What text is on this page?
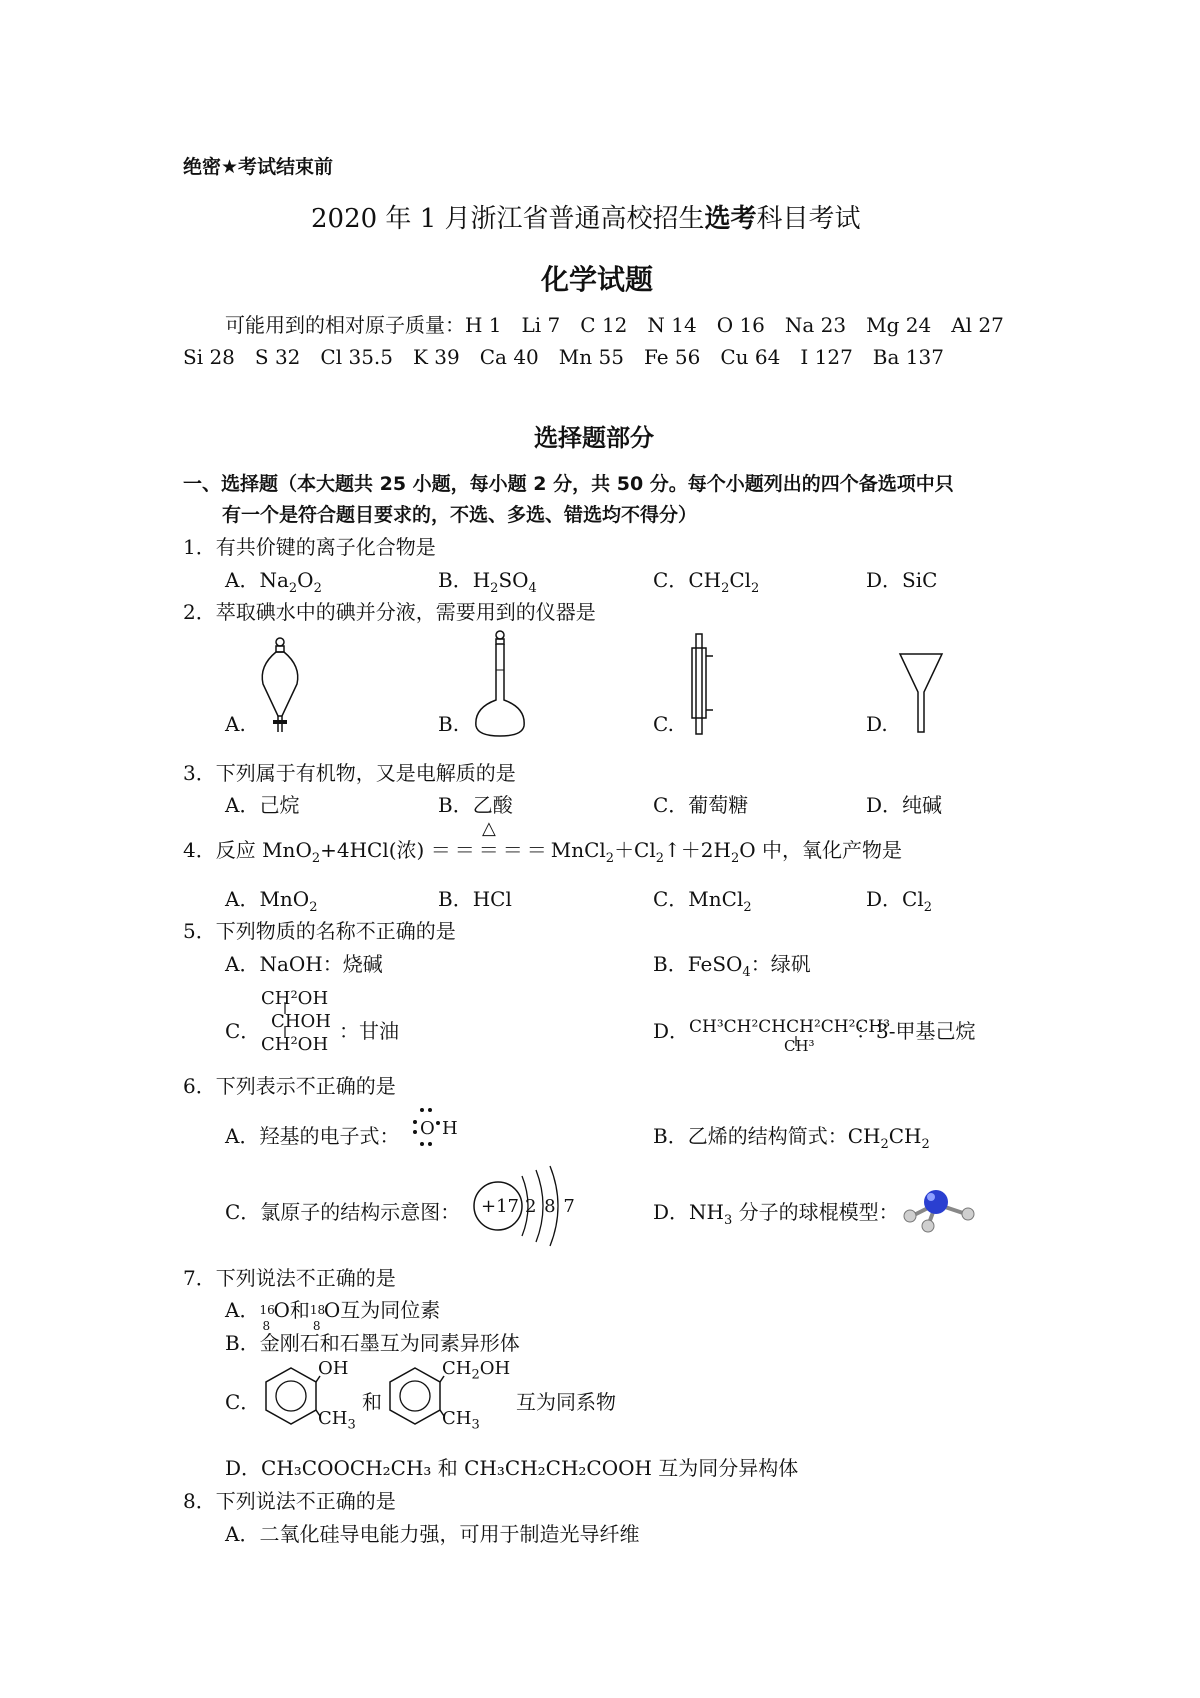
绝密★考试结束前
2020 年 1 月浙江省普通高校招生选考科目考试
化学试题
可能用到的相对原子质量：H 1　Li 7　C 12　N 14　O 16　Na 23　Mg 24　Al 27
Si 28　S 32　Cl 35.5　K 39　Ca 40　Mn 55　Fe 56　Cu 64　I 127　Ba 137
选择题部分
一、选择题（本大题共 25 小题，每小题 2 分，共 50 分。每个小题列出的四个备选项中只
有一个是符合题目要求的，不选、多选、错选均不得分）
1．有共价键的离子化合物是
A．$Na_2O_2$	B．$H_2SO_4$	C．$CH_2Cl_2$	D．SiC
2．萃取碘水中的碘并分液，需要用到的仪器是
A.	B.	C.	D.
3．下列属于有机物，又是电解质的是
A．己烷	B．乙酸	C．葡萄糖	D．纯碱
△
4．反应 MnO$_2$+4HCl(浓) $=====MnCl_2+Cl_2↑+2H_2O$ 中，氧化产物是
A．MnO$_2$	B．HCl	C．MnCl$_2$	D．$Cl_2$
5．下列物质的名称不正确的是
A．NaOH：烧碱	B．FeSO$_4$：绿矾
C．
CH²OH
CHOH
CH²OH
：甘油	D． CH³CH²CHCH²CH²CH³
CH³
：3-甲基己烷
6．下列表示不正确的是
A．羟基的电子式： O H	B．乙烯的结构简式：$CH_2CH_2$
C．氯原子的结构示意图： +17 2 8 7	D．$NH_3$ 分子的球棍模型：
7．下列说法不正确的是
A． 16
8
O和 18
8
O互为同位素
B．金刚石和石墨互为同素异形体
C．
OH
$CH_3$
和
$CH_2OH$
$CH_3$
互为同系物
D．CH₃COOCH₂CH₃ 和 CH₃CH₂CH₂COOH 互为同分异构体
8．下列说法不正确的是
A．二氧化硅导电能力强，可用于制造光导纤维
